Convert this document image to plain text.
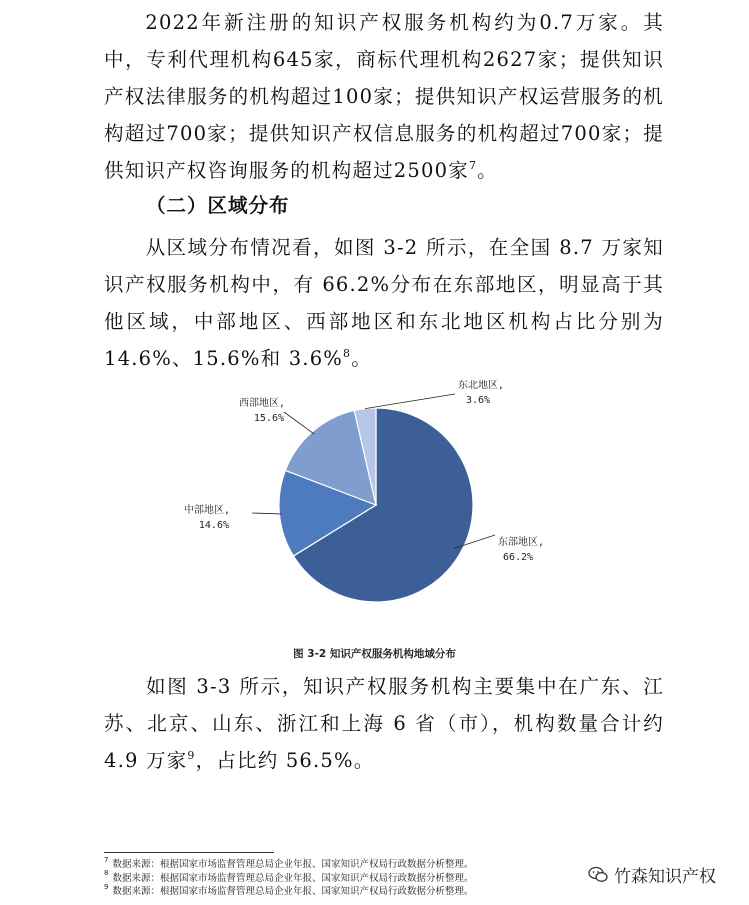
  2022年新注册的知识产权服务机构约为0.7万家。其中，专利代理机构645家，商标代理机构2627家；提供知识产权法律服务的机构超过100家；提供知识产权运营服务的机构超过700家；提供知识产权信息服务的机构超过700家；提供知识产权咨询服务的机构超过2500家$^7$。

（二）区域分布

  从区域分布情况看，如图 3-2 所示，在全国 8.7 万家知识产权服务机构中，有 66.2%分布在东部地区，明显高于其他区域，中部地区、西部地区和东北地区机构占比分别为 14.6%、15.6%和 3.6%$^8$。

东部地区,
66.2%
中部地区,
14.6%
西部地区,
15.6%
东北地区,
3.6%

图 3-2 知识产权服务机构地域分布

  如图 3-3 所示，知识产权服务机构主要集中在广东、江苏、北京、山东、浙江和上海 6 省（市），机构数量合计约 4.9 万家$^9$，占比约 56.5%。

$^7$ 数据来源：根据国家市场监督管理总局企业年报、国家知识产权局行政数据分析整理。
$^8$ 数据来源：根据国家市场监督管理总局企业年报、国家知识产权局行政数据分析整理。
$^9$ 数据来源：根据国家市场监督管理总局企业年报、国家知识产权局行政数据分析整理。
竹森知识产权
